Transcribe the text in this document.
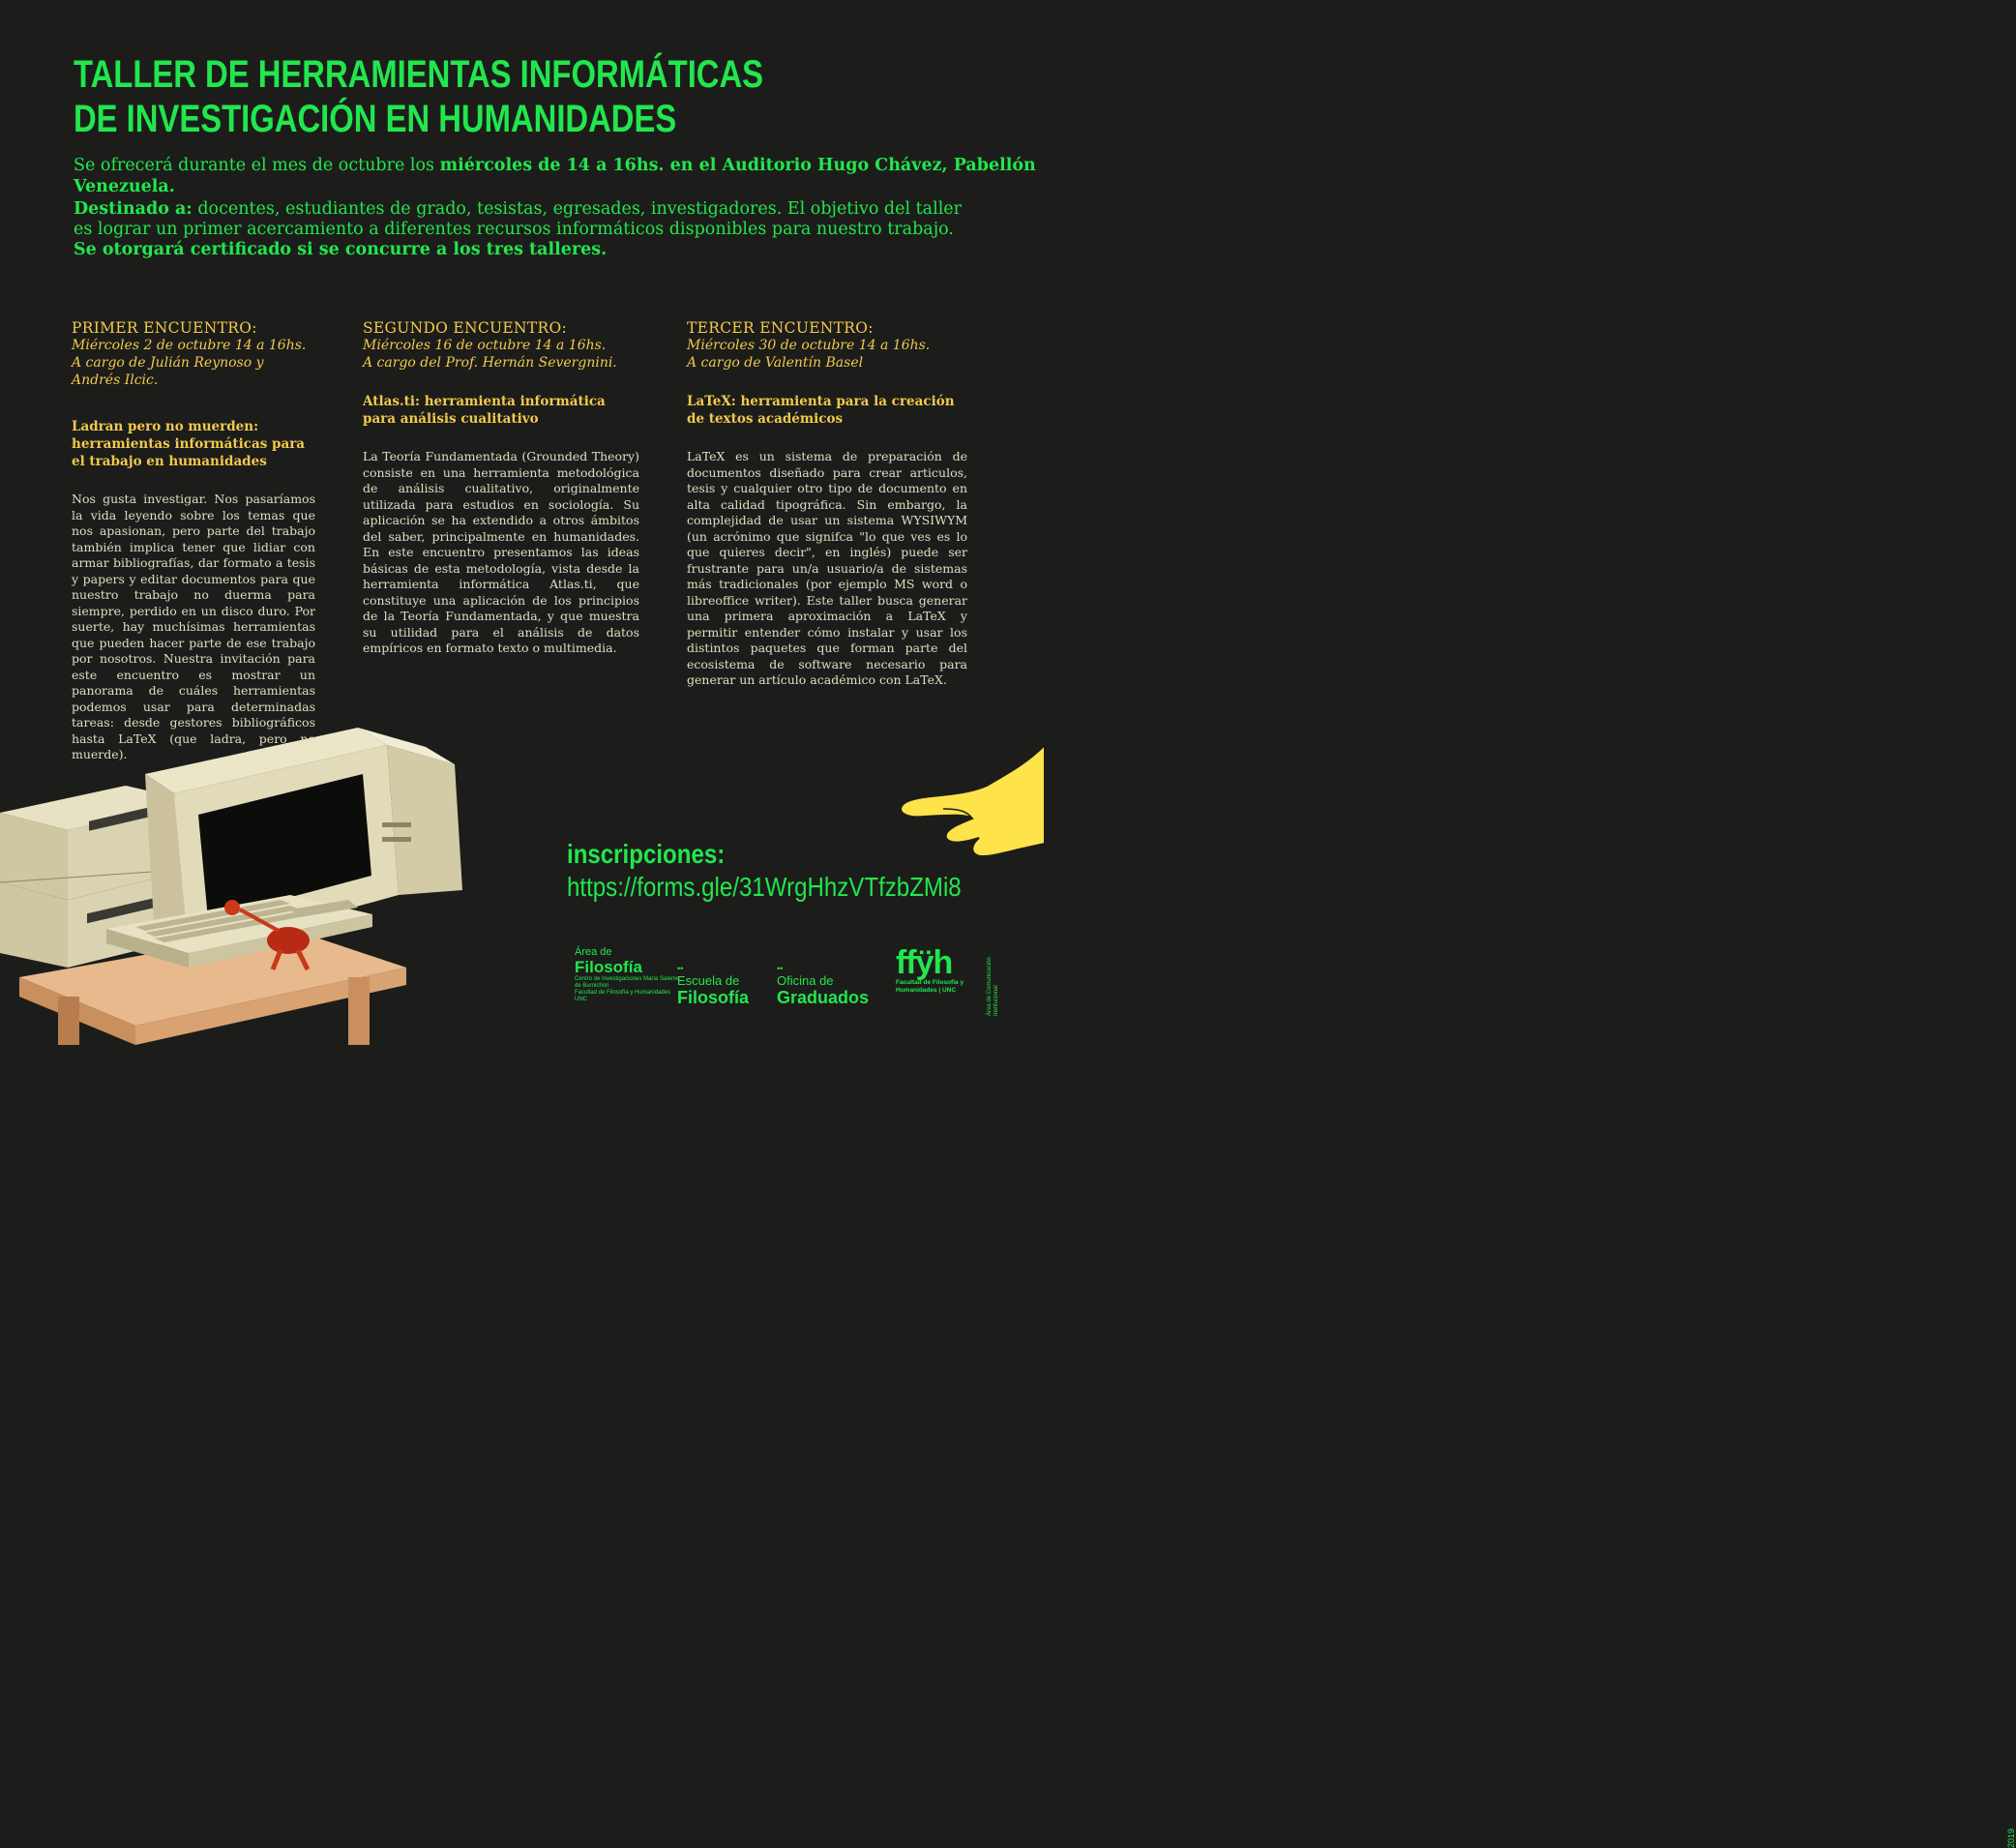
TALLER DE HERRAMIENTAS INFORMÁTICAS
DE INVESTIGACIÓN EN HUMANIDADES

Se ofrecerá durante el mes de octubre los miércoles de 14 a 16hs. en el Auditorio Hugo Chávez, Pabellón Venezuela.

Destinado a: docentes, estudiantes de grado, tesistas, egresades, investigadores. El objetivo del taller es lograr un primer acercamiento a diferentes recursos informáticos disponibles para nuestro trabajo.
Se otorgará certificado si se concurre a los tres talleres.

PRIMER ENCUENTRO:

Miércoles 2 de octubre 14 a 16hs.

A cargo de Julián Reynoso y Andrés Ilcic.

Ladran pero no muerden: herramientas informáticas para el trabajo en humanidades

Nos gusta investigar. Nos pasaríamos la vida leyendo sobre los temas que nos apasionan, pero parte del trabajo también implica tener que lidiar con armar bibliografías, dar formato a tesis y papers y editar documentos para que nuestro trabajo no duerma para siempre, perdido en un disco duro. Por suerte, hay muchísimas herramientas que pueden hacer parte de ese trabajo por nosotros. Nuestra invitación para este encuentro es mostrar un panorama de cuáles herramientas podemos usar para determinadas tareas: desde gestores bibliográficos hasta LaTeX (que ladra, pero no muerde).

SEGUNDO ENCUENTRO:

Miércoles 16 de octubre 14 a 16hs.

A cargo del Prof. Hernán Severgnini.

Atlas.ti: herramienta informática para análisis cualitativo

La Teoría Fundamentada (Grounded Theory) consiste en una herramienta metodológica de análisis cualitativo, originalmente utilizada para estudios en sociología. Su aplicación se ha extendido a otros ámbitos del saber, principalmente en humanidades. En este encuentro presentamos las ideas básicas de esta metodología, vista desde la herramienta informática Atlas.ti, que constituye una aplicación de los principios de la Teoría Fundamentada, y que muestra su utilidad para el análisis de datos empíricos en formato texto o multimedia.

TERCER ENCUENTRO:

Miércoles 30 de octubre 14 a 16hs.

A cargo de Valentín Basel

LaTeX: herramienta para la creación de textos académicos

LaTeX es un sistema de preparación de documentos diseñado para crear articulos, tesis y cualquier otro tipo de documento en alta calidad tipográfica. Sin embargo, la complejidad de usar un sistema WYSIWYM (un acrónimo que signifca "lo que ves es lo que quieres decir", en inglés) puede ser frustrante para un/a usuario/a de sistemas más tradicionales (por ejemplo MS word o libreoffice writer). Este taller busca generar una primera aproximación a LaTeX y permitir entender cómo instalar y usar los distintos paquetes que forman parte del ecosistema de software necesario para generar un artículo académico con LaTeX.

inscripciones:
https://forms.gle/31WrgHhzVTfzbZMi8
Área de
Filosofía
Centro de Investigaciones María Saleme de Burnichon
Facultad de Filosofía y Humanidades UNC
••
Escuela de
Filosofía
••
Oficina de
Graduados
ffÿh
Facultad de Filosofía y Humanidades | UNC
2019
Área de Comunicación Institucional
